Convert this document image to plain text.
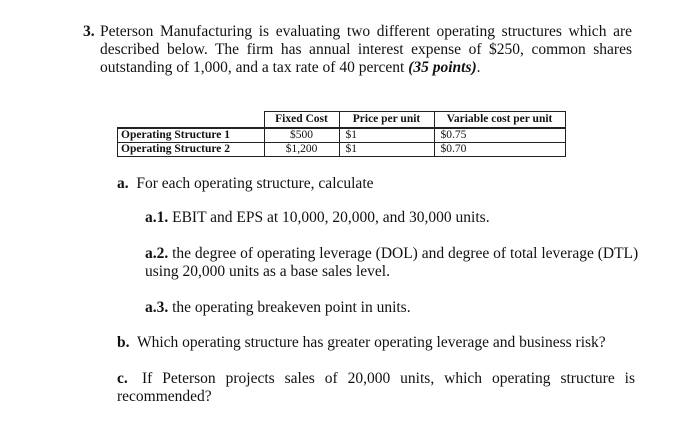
3. Peterson Manufacturing is evaluating two different operating structures which are described below. The firm has annual interest expense of $250, common shares outstanding of 1,000, and a tax rate of 40 percent (35 points).
	Fixed Cost	Price per unit	Variable cost per unit
Operating Structure 1	$500	$1	$0.75
Operating Structure 2	$1,200	$1	$0.70
a. For each operating structure, calculate
a.1. EBIT and EPS at 10,000, 20,000, and 30,000 units.
a.2. the degree of operating leverage (DOL) and degree of total leverage (DTL) using 20,000 units as a base sales level.
a.3. the operating breakeven point in units.
b. Which operating structure has greater operating leverage and business risk?
c. If Peterson projects sales of 20,000 units, which operating structure is recommended?
